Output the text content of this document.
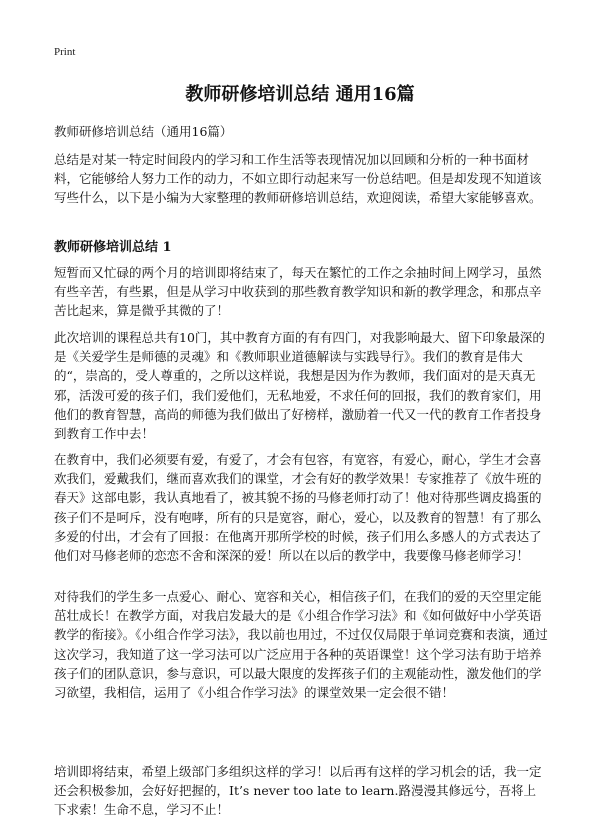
Print
教师研修培训总结 通用16篇
教师研修培训总结（通用16篇）

总结是对某一特定时间段内的学习和工作生活等表现情况加以回顾和分析的一种书面材料，它能够给人努力工作的动力，不如立即行动起来写一份总结吧。但是却发现不知道该写些什么，以下是小编为大家整理的教师研修培训总结，欢迎阅读，希望大家能够喜欢。

教师研修培训总结 1

短暂而又忙碌的两个月的培训即将结束了，每天在繁忙的工作之余抽时间上网学习，虽然有些辛苦，有些累，但是从学习中收获到的那些教育教学知识和新的教学理念，和那点辛苦比起来，算是微乎其微的了！

此次培训的课程总共有10门，其中教育方面的有有四门，对我影响最大、留下印象最深的是《关爱学生是师德的灵魂》和《教师职业道德解读与实践导行》。我们的教育是伟大的“，崇高的，受人尊重的，之所以这样说，我想是因为作为教师，我们面对的是天真无邪，活泼可爱的孩子们，我们爱他们，无私地爱，不求任何的回报，我们的教育家们，用他们的教育智慧，高尚的师德为我们做出了好榜样，激励着一代又一代的教育工作者投身到教育工作中去！

在教育中，我们必须要有爱，有爱了，才会有包容，有宽容，有爱心，耐心，学生才会喜欢我们，爱戴我们，继而喜欢我们的课堂，才会有好的教学效果！专家推荐了《放牛班的春天》这部电影，我认真地看了，被其貌不扬的马修老师打动了！他对待那些调皮捣蛋的孩子们不是呵斥，没有咆哮，所有的只是宽容，耐心，爱心，以及教育的智慧！有了那么多爱的付出，才会有了回报：在他离开那所学校的时候，孩子们用么多感人的方式表达了他们对马修老师的恋恋不舍和深深的爱！所以在以后的教学中，我要像马修老师学习！

对待我们的学生多一点爱心、耐心、宽容和关心，相信孩子们，在我们的爱的天空里定能茁壮成长！在教学方面，对我启发最大的是《小组合作学习法》和《如何做好中小学英语教学的衔接》。《小组合作学习法》，我以前也用过，不过仅仅局限于单词竞赛和表演，通过这次学习，我知道了这一学习法可以广泛应用于各种的英语课堂！这个学习法有助于培养孩子们的团队意识，参与意识，可以最大限度的发挥孩子们的主观能动性，激发他们的学习欲望，我相信，运用了《小组合作学习法》的课堂效果一定会很不错！

培训即将结束，希望上级部门多组织这样的学习！以后再有这样的学习机会的话，我一定还会积极参加，会好好把握的，It’s never too late to learn.路漫漫其修远兮，吾将上下求索！生命不息，学习不止！
